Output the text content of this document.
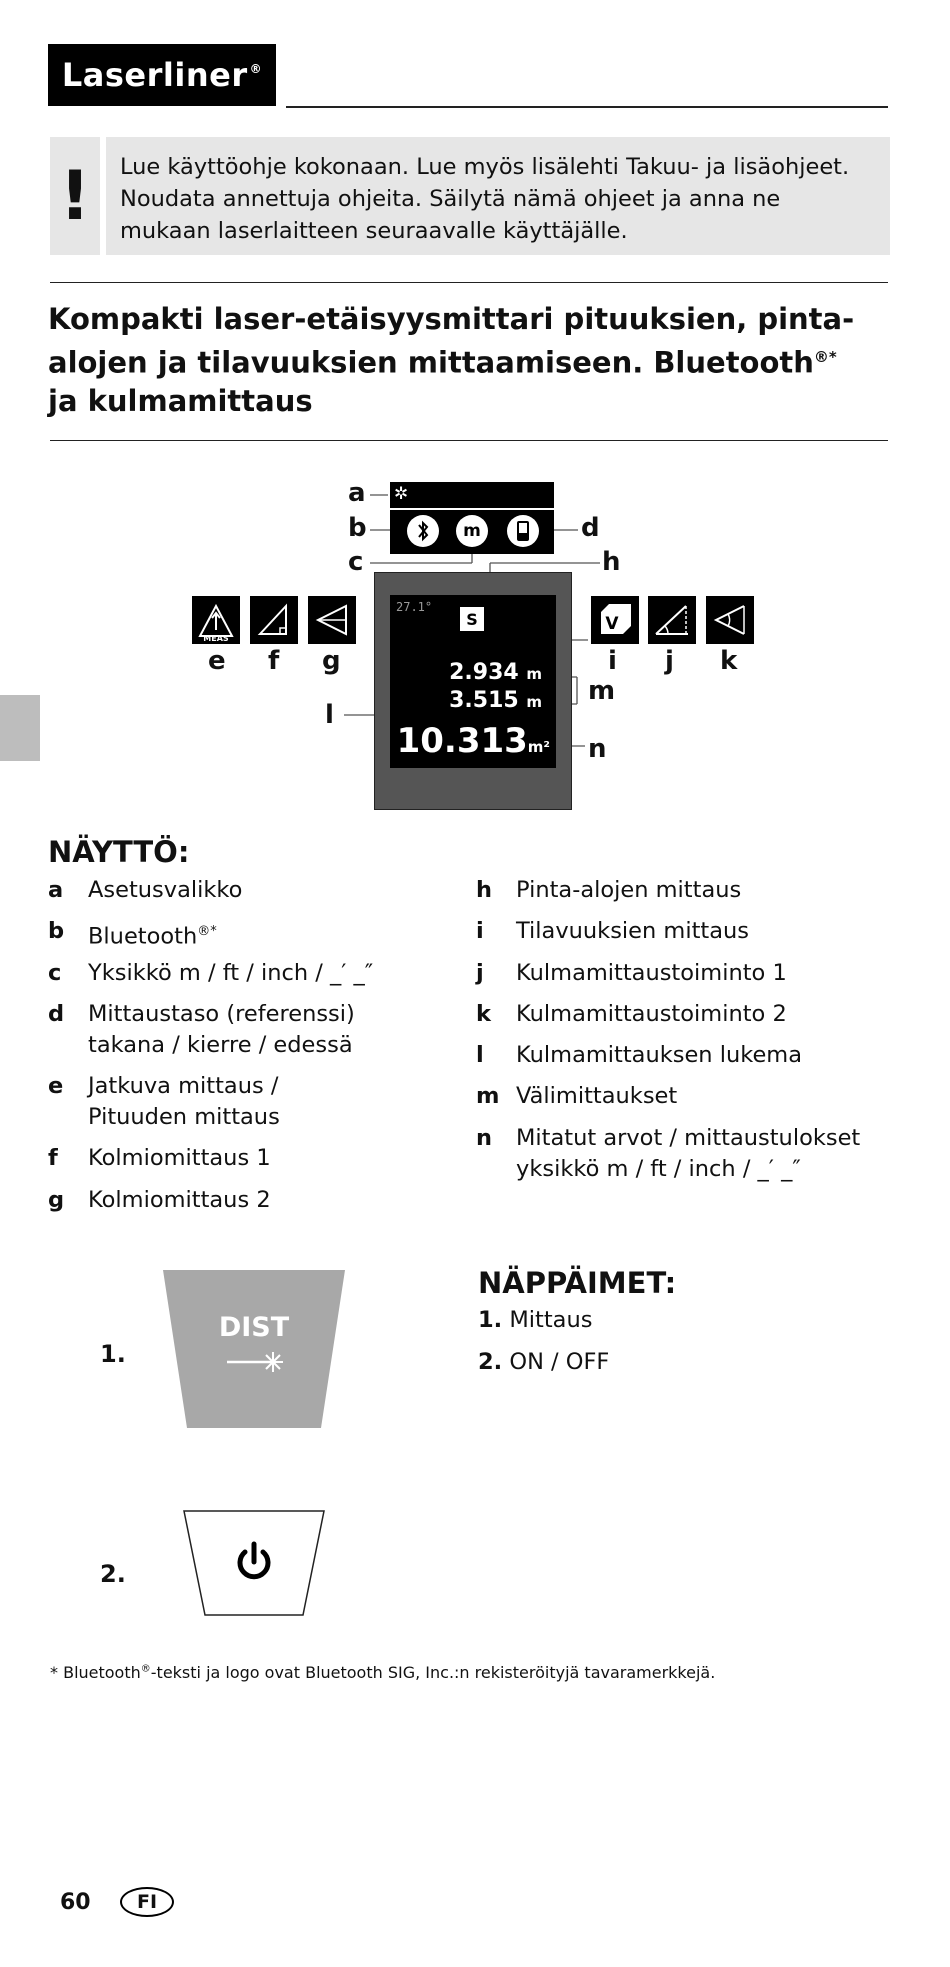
Laserliner®
!	Lue käyttöohje kokonaan. Lue myös lisälehti Takuu- ja lisäohjeet.
Noudata annettuja ohjeita. Säilytä nämä ohjeet ja anna ne
mukaan laserlaitteen seuraavalle käyttäjälle.
Kompakti laser-etäisyysmittari pituuksien, pinta-
alojen ja tilavuuksien mittaamiseen. Bluetooth®*
ja kulmamittaus
✲
m
a
b
c
d
h
27.1°
S
2.934 m
3.515 m
10.313m²
MEAS
V
e f g	i j k
l
m
n
NÄYTTÖ:
a Asetusvalikko
b Bluetooth®*
c Yksikkö m / ft / inch / _′ _″
d Mittaustaso (referenssi)
takana / kierre / edessä
e Jatkuva mittaus /
Pituuden mittaus
f Kolmiomittaus 1
g Kolmiomittaus 2
h Pinta-alojen mittaus
i Tilavuuksien mittaus
j Kulmamittaustoiminto 1
k Kulmamittaustoiminto 2
l Kulmamittauksen lukema
m Välimittaukset
n Mitatut arvot / mittaustulokset
yksikkö m / ft / inch / _′ _″
1.
DIST
2.
NÄPPÄIMET:
1. Mittaus
2. ON / OFF
* Bluetooth®-teksti ja logo ovat Bluetooth SIG, Inc.:n rekisteröityjä tavaramerkkejä.
60	FI
